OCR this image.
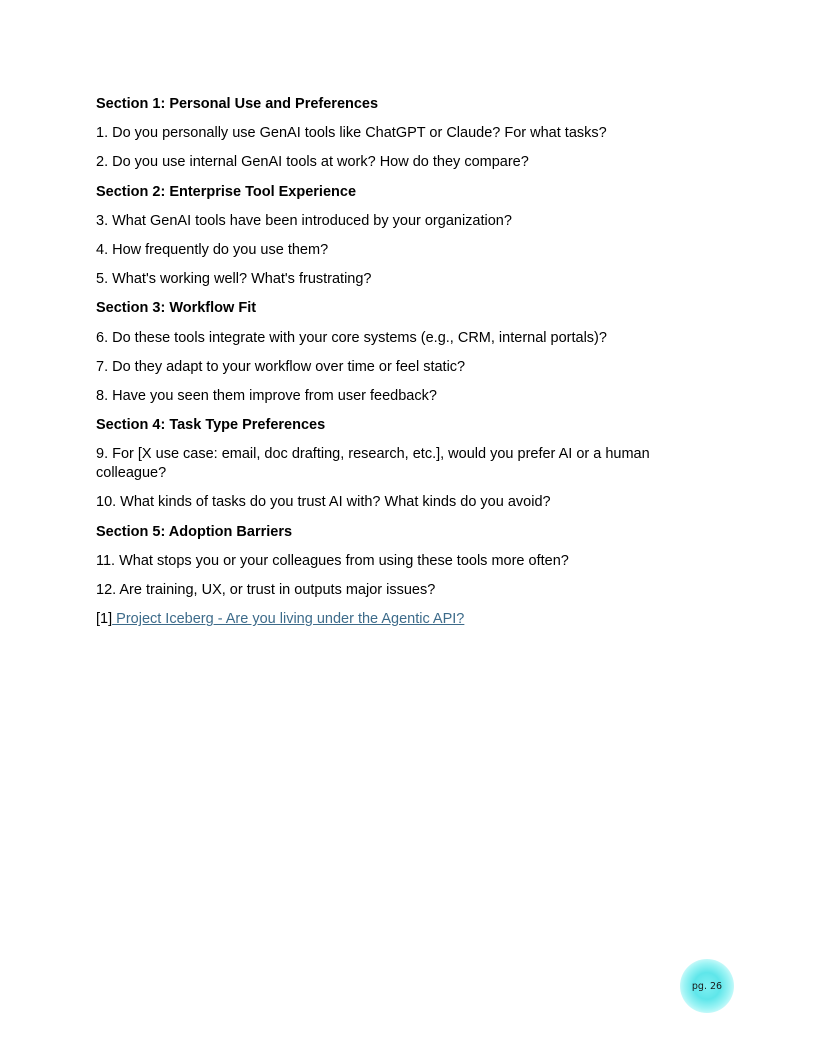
Section 1: Personal Use and Preferences

1. Do you personally use GenAI tools like ChatGPT or Claude? For what tasks?

2. Do you use internal GenAI tools at work? How do they compare?

Section 2: Enterprise Tool Experience

3. What GenAI tools have been introduced by your organization?

4. How frequently do you use them?

5. What's working well? What's frustrating?

Section 3: Workflow Fit

6. Do these tools integrate with your core systems (e.g., CRM, internal portals)?

7. Do they adapt to your workflow over time or feel static?

8. Have you seen them improve from user feedback?

Section 4: Task Type Preferences

9. For [X use case: email, doc drafting, research, etc.], would you prefer AI or a human colleague?

10. What kinds of tasks do you trust AI with? What kinds do you avoid?

Section 5: Adoption Barriers

11. What stops you or your colleagues from using these tools more often?

12. Are training, UX, or trust in outputs major issues?

[1] Project Iceberg - Are you living under the Agentic API?

pg. 26
